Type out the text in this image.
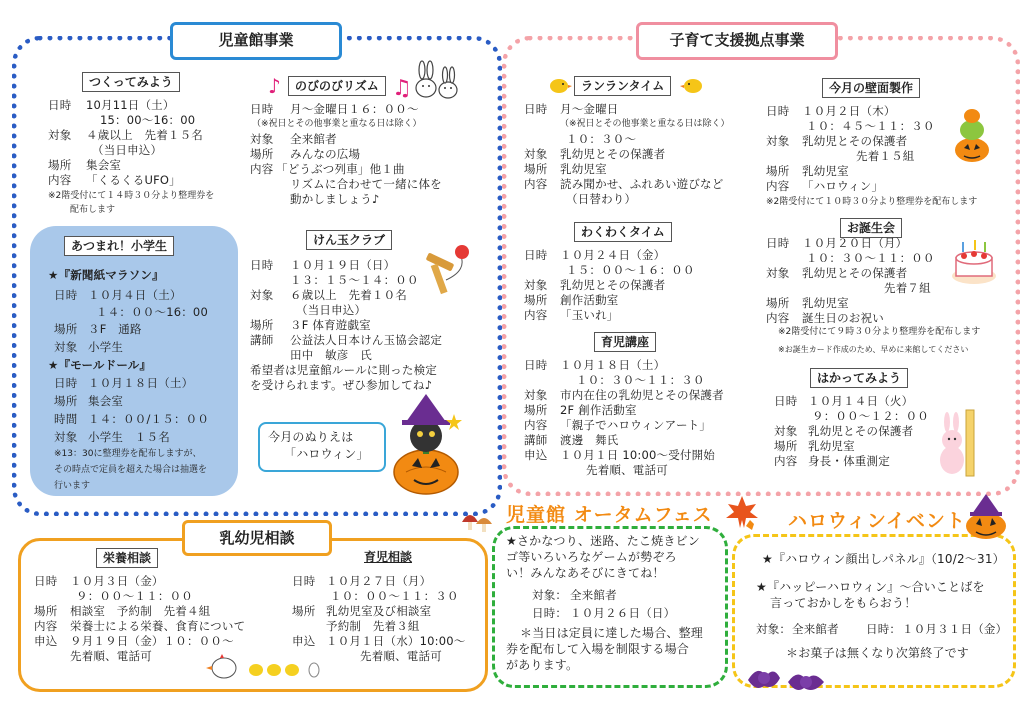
児童館事業	子育て支援拠点事業
乳幼児相談
つくってみよう
日時 10月11日（土）
15：00～16：00
対象 ４歳以上　先着１５名
（当日申込）
場所 集会室
内容 「くるくるUFO」
※2階受付にて１４時３０分より整理券を
配布します
のびのびリズム
日時 月～金曜日１６：００～
（※祝日とその他事業と重なる日は除く）
対象 全来館者
場所 みんなの広場
内容 「どうぶつ列車」他１曲
リズムに合わせて一緒に体を
動かしましょう♪
♪	♫
あつまれ！小学生
★『新聞紙マラソン』
日時 １０月４日（土）
１４：００～16：00
場所 ３F　通路
対象 小学生
★『モールドール』
日時 １０月１８日（土）
場所 集会室
時間 １４：００/１５：００
対象 小学生　１５名
※13：30に整理券を配布しますが、
その時点で定員を超えた場合は抽選を
行います
けん玉クラブ
日時 １０月１９日（日）
１３：１５～１４：００
対象 ６歳以上　先着１０名
（当日申込）
場所 ３F 体育遊戯室
講師 公益法人日本けん玉協会認定
田中　敏彦　氏
希望者は児童館ルールに則った検定
を受けられます。ぜひ参加してね♪
今月のぬりえは
「ハロウィン」
ランランタイム
日時 月～金曜日
（※祝日とその他事業と重なる日は除く）
１０：３０～
対象 乳幼児とその保護者
場所 乳幼児室
内容 読み聞かせ、ふれあい遊びなど
（日替わり）
わくわくタイム
日時 １０月２４日（金）
１５：００～１６：００
対象 乳幼児とその保護者
場所 創作活動室
内容 「玉いれ」
育児講座
日時 １０月１８日（土）
１０：３０～１１：３０
対象 市内在住の乳幼児とその保護者
場所 2F 創作活動室
内容 「親子でハロウィンアート」
講師 渡邊　舞氏
申込 １０月１日 10:00～受付開始
先着順、電話可
今月の壁面製作
日時 １０月２日（木）
１０：４５～１１：３０
対象 乳幼児とその保護者
先着１５組
場所 乳幼児室
内容 「ハロウィン」
※2階受付にて１０時３０分より整理券を配布します
お誕生会
日時 １０月２０日（月）
１０：３０～１１：００
対象 乳幼児とその保護者
先着７組
場所 乳幼児室
内容 誕生日のお祝い
※2階受付にて９時３０分より整理券を配布します
※お誕生カード作成のため、早めに来館してください
はかってみよう
日時 １０月１４日（火）
９：００～１２：００
対象 乳幼児とその保護者
場所 乳幼児室
内容 身長・体重測定
栄養相談
日時 １０月３日（金）
９：００～１１：００
場所 相談室　予約制　先着４組
内容 栄養士による栄養、食育について
申込 ９月１９日（金）１０：００～
先着順、電話可
育児相談
日時 １０月２７日（月）
１０：００～１１：３０
場所 乳幼児室及び相談室
予約制　先着３組
申込 １０月１日（水）10:00～
先着順、電話可
児童館 オータムフェス
★さかなつり、迷路、たこ焼きビン
ゴ等いろいろなゲームが勢ぞろ
い！みんなあそびにきてね！
対象： 全来館者
日時： １０月２６日（日）
＊当日は定員に達した場合、整理
券を配布して入場を制限する場合
があります。
ハロウィンイベント
★『ハロウィン顔出しパネル』（10/2～31）
★『ハッピーハロウィン』～合いことばを
言っておかしをもらおう！
対象： 全来館者 日時： １０月３１日（金）
＊お菓子は無くなり次第終了です
